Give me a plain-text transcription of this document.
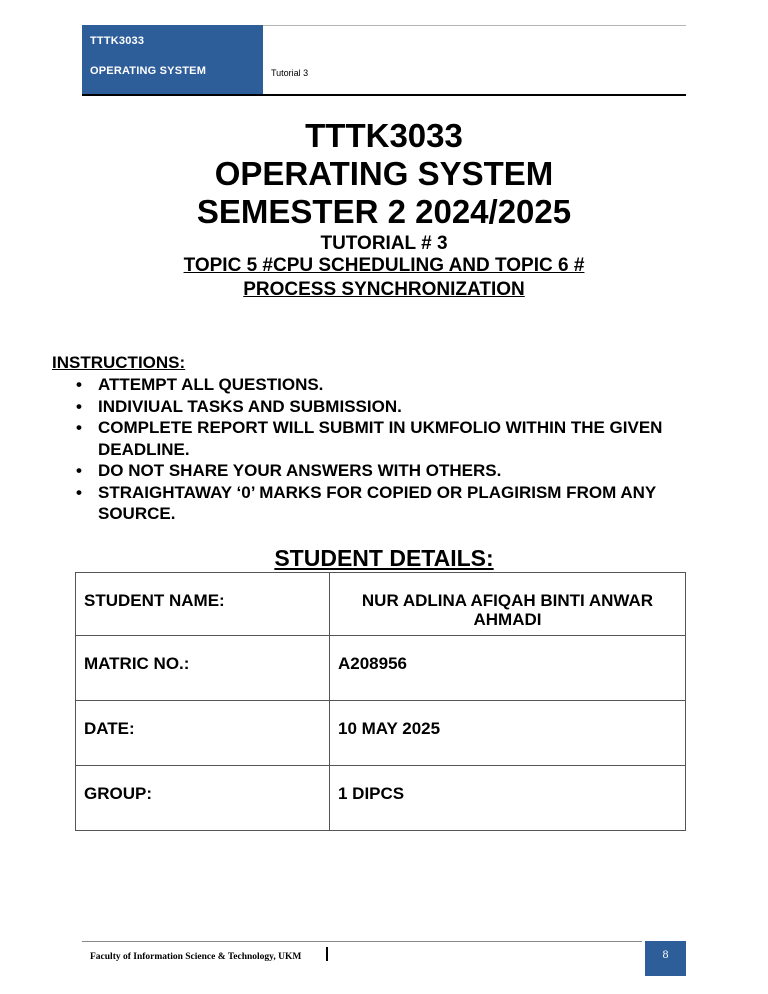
TTTK3033
OPERATING SYSTEM	Tutorial 3
TTTK3033
OPERATING SYSTEM
SEMESTER 2 2024/2025
TUTORIAL # 3
TOPIC 5 #CPU SCHEDULING AND TOPIC 6 #
PROCESS SYNCHRONIZATION
INSTRUCTIONS:
• ATTEMPT ALL QUESTIONS.
• INDIVIUAL TASKS AND SUBMISSION.
• COMPLETE REPORT WILL SUBMIT IN UKMFOLIO WITHIN THE GIVEN DEADLINE.
• DO NOT SHARE YOUR ANSWERS WITH OTHERS.
• STRAIGHTAWAY ‘0’ MARKS FOR COPIED OR PLAGIRISM FROM ANY SOURCE.
STUDENT DETAILS:
STUDENT NAME:	NUR ADLINA AFIQAH BINTI ANWAR AHMADI
MATRIC NO.:	A208956
DATE:	10 MAY 2025
GROUP:	1 DIPCS
Faculty of Information Science & Technology, UKM	8
